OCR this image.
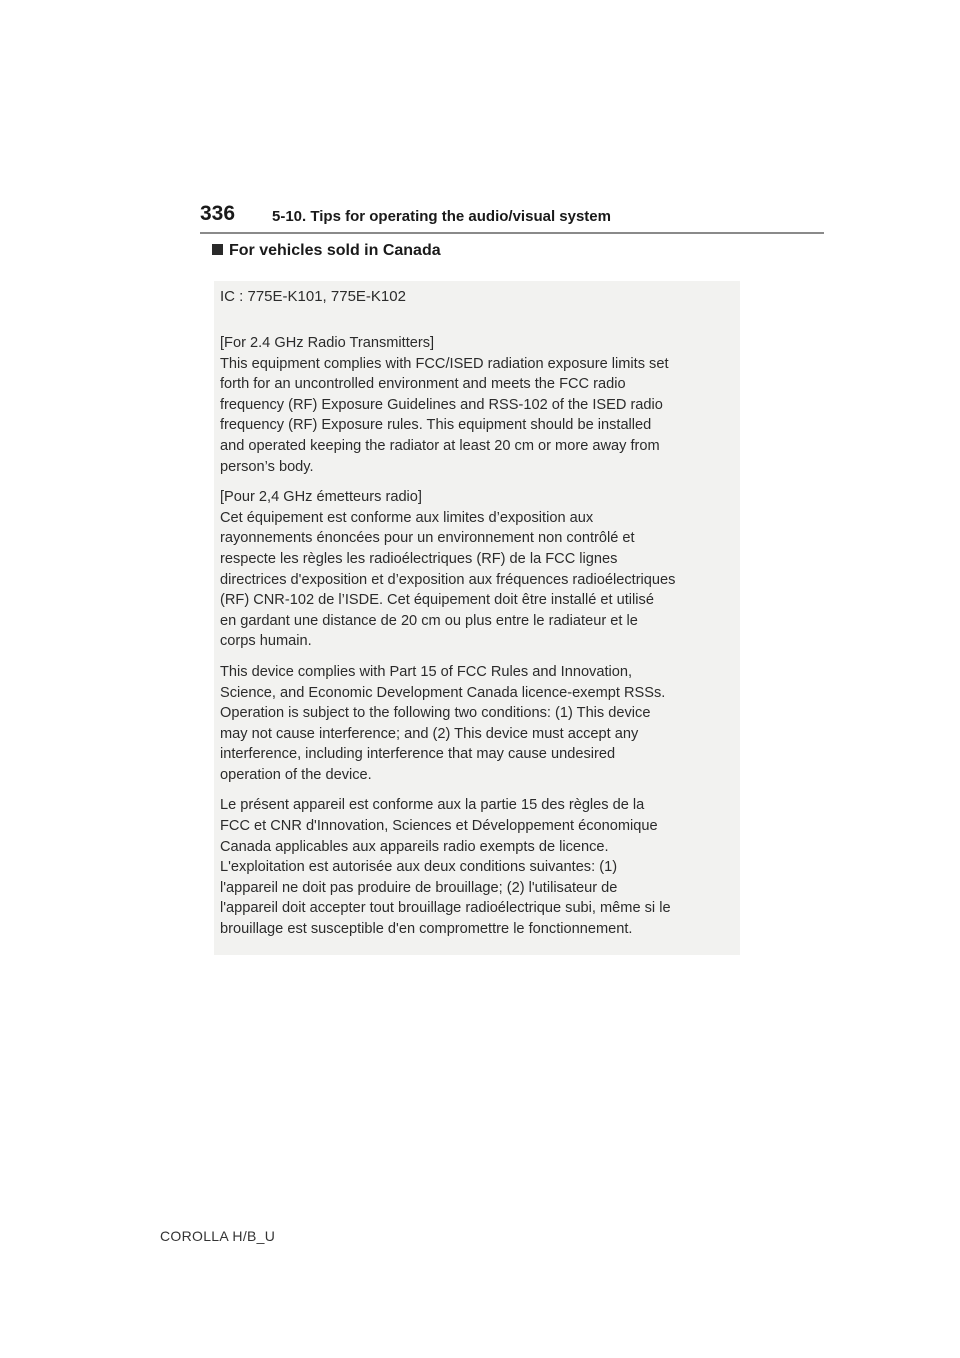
336 5-10. Tips for operating the audio/visual system
For vehicles sold in Canada
IC : 775E-K101, 775E-K102
[For 2.4 GHz Radio Transmitters]
This equipment complies with FCC/ISED radiation exposure limits set
forth for an uncontrolled environment and meets the FCC radio
frequency (RF) Exposure Guidelines and RSS-102 of the ISED radio
frequency (RF) Exposure rules. This equipment should be installed
and operated keeping the radiator at least 20 cm or more away from
person’s body.
[Pour 2,4 GHz émetteurs radio]
Cet équipement est conforme aux limites d’exposition aux
rayonnements énoncées pour un environnement non contrôlé et
respecte les règles les radioélectriques (RF) de la FCC lignes
directrices d'exposition et d’exposition aux fréquences radioélectriques
(RF) CNR-102 de l’ISDE. Cet équipement doit être installé et utilisé
en gardant une distance de 20 cm ou plus entre le radiateur et le
corps humain.
This device complies with Part 15 of FCC Rules and Innovation,
Science, and Economic Development Canada licence-exempt RSSs.
Operation is subject to the following two conditions: (1) This device
may not cause interference; and (2) This device must accept any
interference, including interference that may cause undesired
operation of the device.
Le présent appareil est conforme aux la partie 15 des règles de la
FCC et CNR d'Innovation, Sciences et Développement économique
Canada applicables aux appareils radio exempts de licence.
L'exploitation est autorisée aux deux conditions suivantes: (1)
l'appareil ne doit pas produire de brouillage; (2) l'utilisateur de
l'appareil doit accepter tout brouillage radioélectrique subi, même si le
brouillage est susceptible d'en compromettre le fonctionnement.
COROLLA H/B_U
